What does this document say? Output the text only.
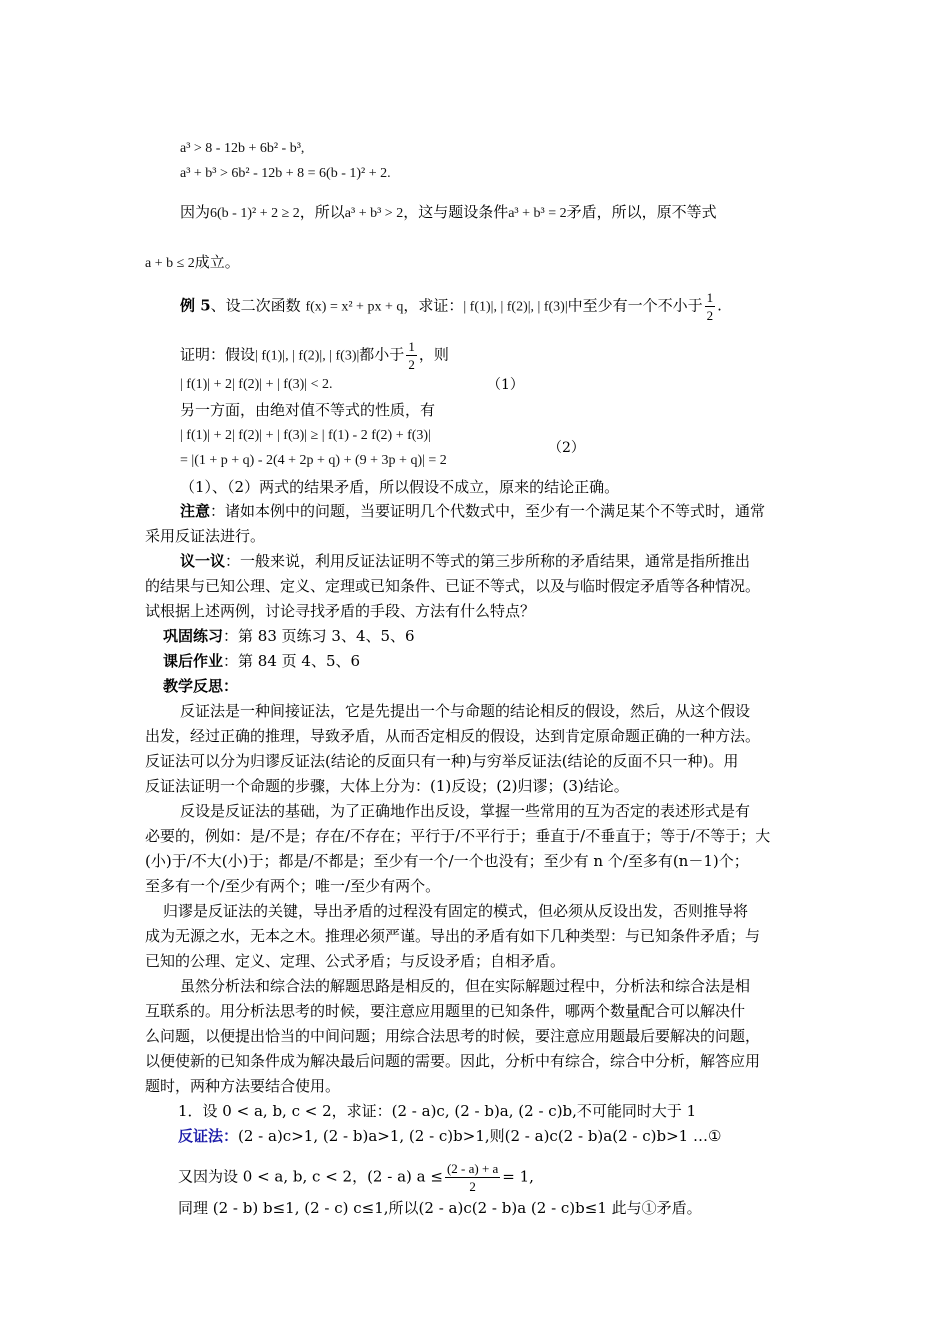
a³ > 8 - 12b + 6b² - b³,
a³ + b³ > 6b² - 12b + 8 = 6(b - 1)² + 2.
因为6(b - 1)² + 2 ≥ 2，所以a³ + b³ > 2，这与题设条件a³ + b³ = 2矛盾，所以，原不等式
a + b ≤ 2成立。
例 5、设二次函数 f(x) = x² + px + q，求证：| f(1)|, | f(2)|, | f(3)|中至少有一个不小于 $\frac{1}{2}$ .
证明：假设| f(1)|, | f(2)|, | f(3)|都小于 $\frac{1}{2}$ ，则
| f(1)| + 2| f(2)| + | f(3)| < 2.	（1）
另一方面，由绝对值不等式的性质，有
| f(1)| + 2| f(2)| + | f(3)| ≥ | f(1) - 2 f(2) + f(3)|
= |(1 + p + q) - 2(4 + 2p + q) + (9 + 3p + q)| = 2
（2）
（1）、（2）两式的结果矛盾，所以假设不成立，原来的结论正确。
注意：诸如本例中的问题，当要证明几个代数式中，至少有一个满足某个不等式时，通常
采用反证法进行。
议一议：一般来说，利用反证法证明不等式的第三步所称的矛盾结果，通常是指所推出
的结果与已知公理、定义、定理或已知条件、已证不等式，以及与临时假定矛盾等各种情况。
试根据上述两例，讨论寻找矛盾的手段、方法有什么特点？
巩固练习：第 83 页练习 3、4、5、6
课后作业：第 84 页 4、5、6
教学反思：
反证法是一种间接证法，它是先提出一个与命题的结论相反的假设，然后，从这个假设
出发，经过正确的推理，导致矛盾，从而否定相反的假设，达到肯定原命题正确的一种方法。
反证法可以分为归谬反证法(结论的反面只有一种)与穷举反证法(结论的反面不只一种)。用
反证法证明一个命题的步骤，大体上分为：(1)反设；(2)归谬；(3)结论。
反设是反证法的基础，为了正确地作出反设，掌握一些常用的互为否定的表述形式是有
必要的，例如：是/不是；存在/不存在；平行于/不平行于；垂直于/不垂直于；等于/不等于；大
(小)于/不大(小)于；都是/不都是；至少有一个/一个也没有；至少有 n 个/至多有(n－1)个；
至多有一个/至少有两个；唯一/至少有两个。
归谬是反证法的关键，导出矛盾的过程没有固定的模式，但必须从反设出发，否则推导将
成为无源之水，无本之木。推理必须严谨。导出的矛盾有如下几种类型：与已知条件矛盾；与
已知的公理、定义、定理、公式矛盾；与反设矛盾；自相矛盾。
虽然分析法和综合法的解题思路是相反的，但在实际解题过程中，分析法和综合法是相
互联系的。用分析法思考的时候，要注意应用题里的已知条件，哪两个数量配合可以解决什
么问题，以便提出恰当的中间问题；用综合法思考的时候，要注意应用题最后要解决的问题，
以便使新的已知条件成为解决最后问题的需要。因此，分析中有综合，综合中分析，解答应用
题时，两种方法要结合使用。
1．设 0 < a, b, c < 2，求证：(2 - a)c, (2 - b)a, (2 - c)b,不可能同时大于 1
反证法：(2 - a)c>1, (2 - b)a>1, (2 - c)b>1,则(2 - a)c(2 - b)a(2 - c)b>1 …①
又因为设 0 < a, b, c < 2，(2 - a) $a \le \frac{(2 - a) + a}{2} = 1$,
同理 (2 - b) b≤1, (2 - c) c≤1,所以(2 - a)c(2 - b)a (2 - c)b≤1 此与①矛盾。
